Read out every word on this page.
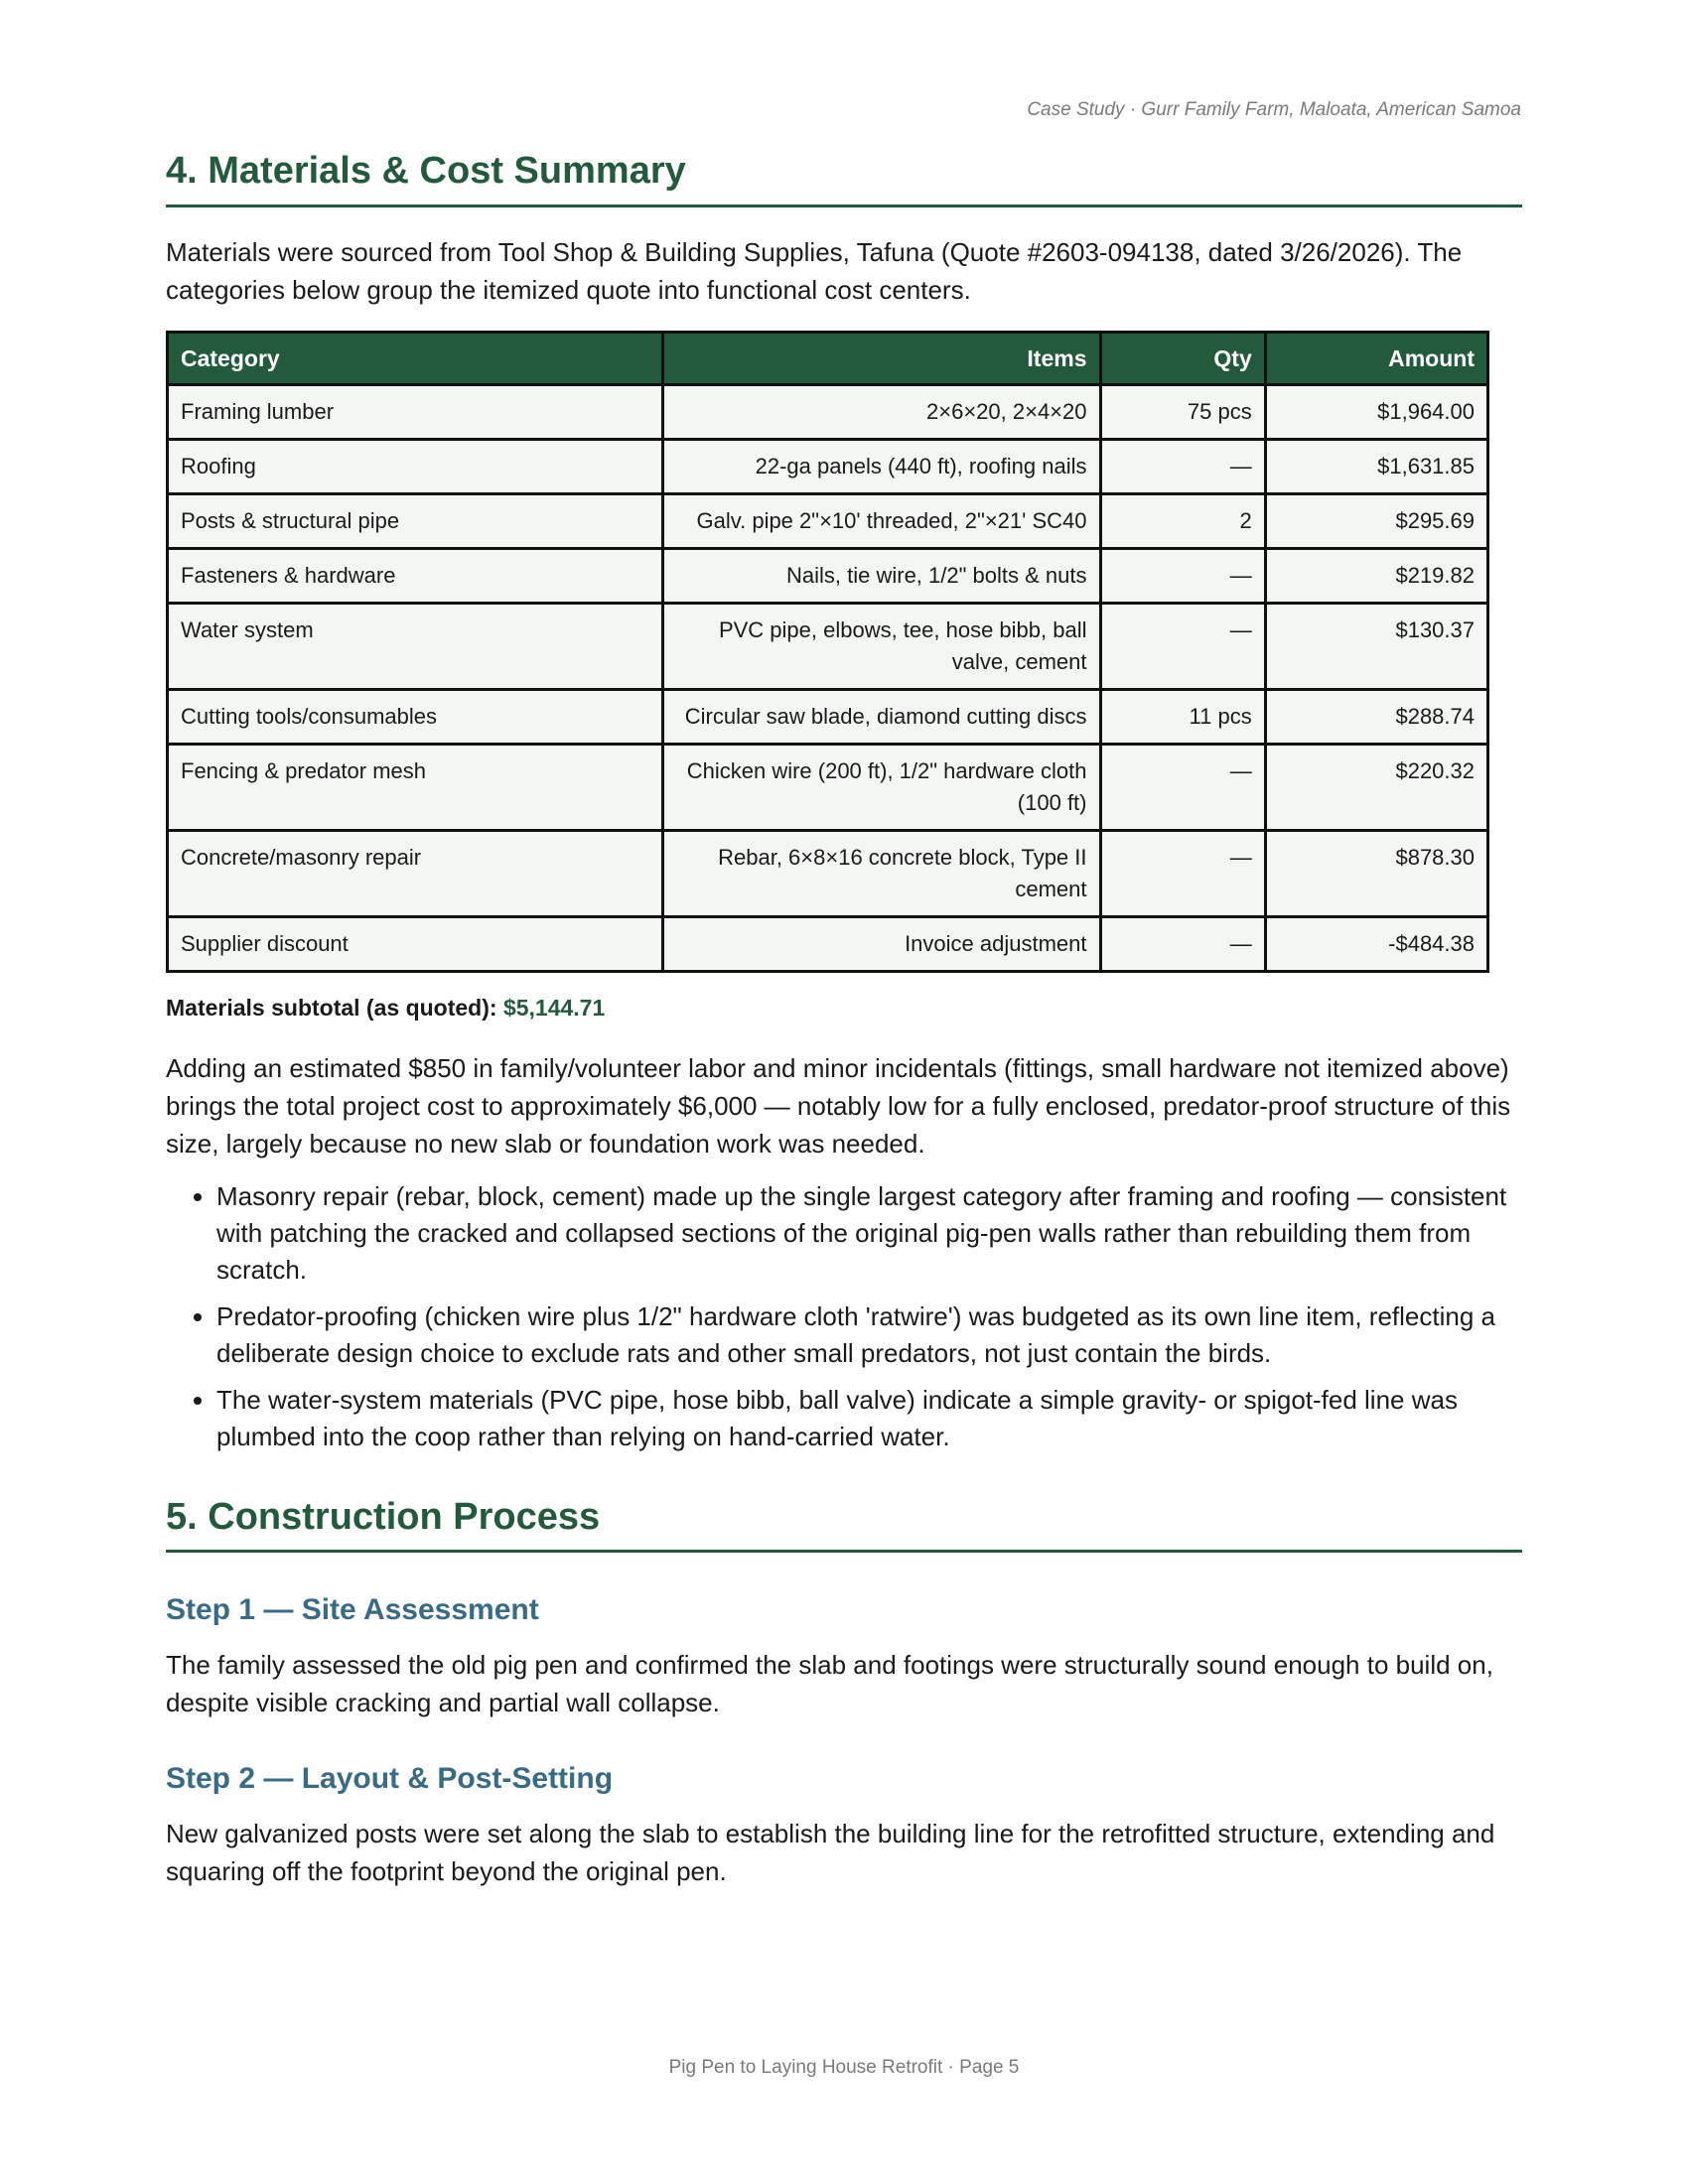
Case Study · Gurr Family Farm, Maloata, American Samoa
4. Materials & Cost Summary

Materials were sourced from Tool Shop & Building Supplies, Tafuna (Quote #2603-094138, dated 3/26/2026). The categories below group the itemized quote into functional cost centers.

Category	Items	Qty	Amount
Framing lumber	2×6×20, 2×4×20	75 pcs	$1,964.00
Roofing	22-ga panels (440 ft), roofing nails	—	$1,631.85
Posts & structural pipe	Galv. pipe 2"×10' threaded, 2"×21' SC40	2	$295.69
Fasteners & hardware	Nails, tie wire, 1/2" bolts & nuts	—	$219.82
Water system	PVC pipe, elbows, tee, hose bibb, ball valve, cement	—	$130.37
Cutting tools/consumables	Circular saw blade, diamond cutting discs	11 pcs	$288.74
Fencing & predator mesh	Chicken wire (200 ft), 1/2" hardware cloth (100 ft)	—	$220.32
Concrete/masonry repair	Rebar, 6×8×16 concrete block, Type II cement	—	$878.30
Supplier discount	Invoice adjustment	—	-$484.38
Materials subtotal (as quoted): $5,144.71

Adding an estimated $850 in family/volunteer labor and minor incidentals (fittings, small hardware not itemized above) brings the total project cost to approximately $6,000 — notably low for a fully enclosed, predator-proof structure of this size, largely because no new slab or foundation work was needed.

• Masonry repair (rebar, block, cement) made up the single largest category after framing and roofing — consistent with patching the cracked and collapsed sections of the original pig-pen walls rather than rebuilding them from scratch.
• Predator-proofing (chicken wire plus 1/2" hardware cloth 'ratwire') was budgeted as its own line item, reflecting a deliberate design choice to exclude rats and other small predators, not just contain the birds.
• The water-system materials (PVC pipe, hose bibb, ball valve) indicate a simple gravity- or spigot-fed line was plumbed into the coop rather than relying on hand-carried water.
5. Construction Process
Step 1 — Site Assessment

The family assessed the old pig pen and confirmed the slab and footings were structurally sound enough to build on, despite visible cracking and partial wall collapse.

Step 2 — Layout & Post-Setting

New galvanized posts were set along the slab to establish the building line for the retrofitted structure, extending and squaring off the footprint beyond the original pen.

Pig Pen to Laying House Retrofit · Page 5
